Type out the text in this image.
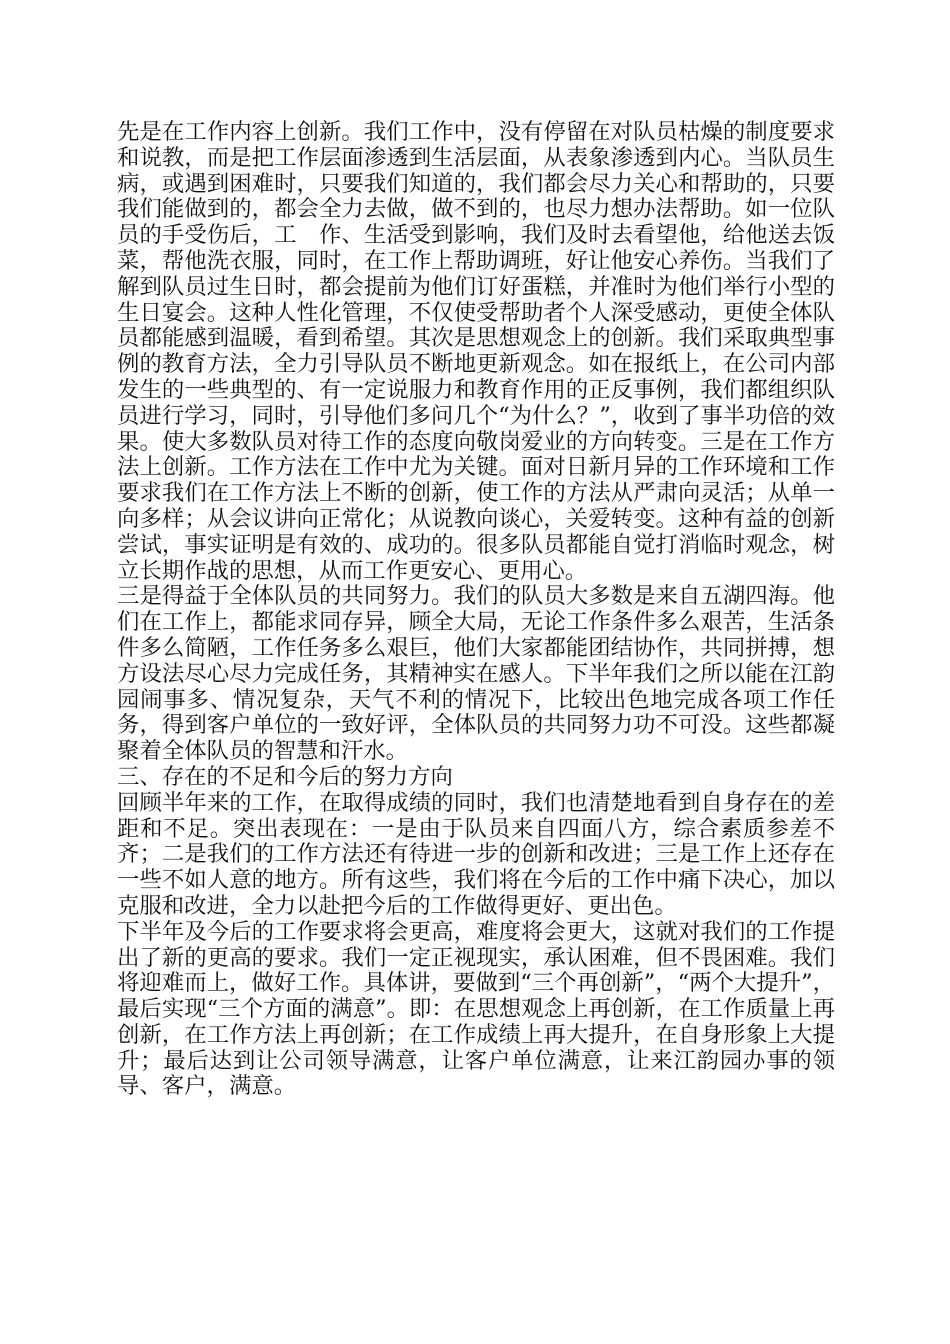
先是在工作内容上创新。我们工作中，没有停留在对队员枯燥的制度要求和说教，而是把工作层面渗透到生活层面，从表象渗透到内心。当队员生病，或遇到困难时，只要我们知道的，我们都会尽力关心和帮助的，只要我们能做到的，都会全力去做，做不到的，也尽力想办法帮助。如一位队员的手受伤后，工　作、生活受到影响，我们及时去看望他，给他送去饭菜，帮他洗衣服，同时，在工作上帮助调班，好让他安心养伤。当我们了解到队员过生日时，都会提前为他们订好蛋糕，并准时为他们举行小型的生日宴会。这种人性化管理，不仅使受帮助者个人深受感动，更使全体队员都能感到温暖，看到希望。其次是思想观念上的创新。我们采取典型事例的教育方法，全力引导队员不断地更新观念。如在报纸上，在公司内部发生的一些典型的、有一定说服力和教育作用的正反事例，我们都组织队员进行学习，同时，引导他们多问几个“为什么？”，收到了事半功倍的效果。使大多数队员对待工作的态度向敬岗爱业的方向转变。三是在工作方法上创新。工作方法在工作中尤为关键。面对日新月异的工作环境和工作要求我们在工作方法上不断的创新，使工作的方法从严肃向灵活；从单一向多样；从会议讲向正常化；从说教向谈心，关爱转变。这种有益的创新尝试，事实证明是有效的、成功的。很多队员都能自觉打消临时观念，树立长期作战的思想，从而工作更安心、更用心。

三是得益于全体队员的共同努力。我们的队员大多数是来自五湖四海。他们在工作上，都能求同存异，顾全大局，无论工作条件多么艰苦，生活条件多么简陋，工作任务多么艰巨，他们大家都能团结协作，共同拼搏，想方设法尽心尽力完成任务，其精神实在感人。下半年我们之所以能在江韵园闹事多、情况复杂，天气不利的情况下，比较出色地完成各项工作任务，得到客户单位的一致好评，全体队员的共同努力功不可没。这些都凝聚着全体队员的智慧和汗水。

三、存在的不足和今后的努力方向

回顾半年来的工作，在取得成绩的同时，我们也清楚地看到自身存在的差距和不足。突出表现在：一是由于队员来自四面八方，综合素质参差不齐；二是我们的工作方法还有待进一步的创新和改进；三是工作上还存在一些不如人意的地方。所有这些，我们将在今后的工作中痛下决心，加以克服和改进，全力以赴把今后的工作做得更好、更出色。

下半年及今后的工作要求将会更高，难度将会更大，这就对我们的工作提出了新的更高的要求。我们一定正视现实，承认困难，但不畏困难。我们将迎难而上，做好工作。具体讲，要做到“三个再创新”，“两个大提升”，最后实现“三个方面的满意”。即：在思想观念上再创新，在工作质量上再创新，在工作方法上再创新；在工作成绩上再大提升，在自身形象上大提升；最后达到让公司领导满意，让客户单位满意，让来江韵园办事的领导、客户，满意。
